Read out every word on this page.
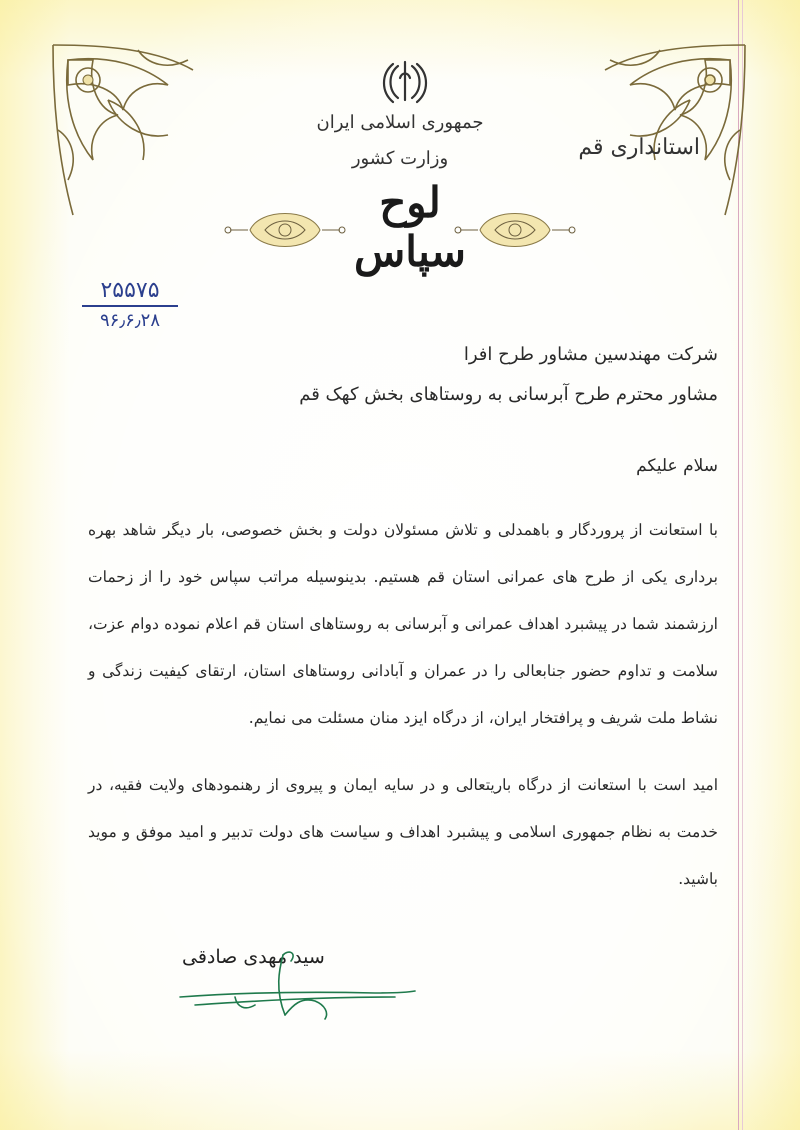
جمهوری اسلامی ایران
وزارت کشور
لوح سپاس
استانداری قم
۲۵۵۷۵
۹۶٫۶٫۲۸

شرکت مهندسین مشاور طرح افرا

مشاور محترم طرح آبرسانی به روستاهای بخش کهک قم

سلام علیکم

با استعانت از پروردگار و باهمدلی و تلاش مسئولان دولت و بخش خصوصی، بار دیگر شاهد بهره برداری یکی از طرح های عمرانی استان قم هستیم. بدینوسیله مراتب سپاس خود را از زحمات ارزشمند شما در پیشبرد اهداف عمرانی و آبرسانی به روستاهای استان قم اعلام نموده دوام عزت، سلامت و تداوم حضور جنابعالی را در عمران و آبادانی روستاهای استان، ارتقای کیفیت زندگی و نشاط ملت شریف و پرافتخار ایران، از درگاه ایزد منان مسئلت می نمایم.

امید است با استعانت از درگاه باریتعالی و در سایه ایمان و پیروی از رهنمودهای ولایت فقیه، در خدمت به نظام جمهوری اسلامی و پیشبرد اهداف و سیاست های دولت تدبیر و امید موفق و موید باشید.

سید مهدی صادقی
